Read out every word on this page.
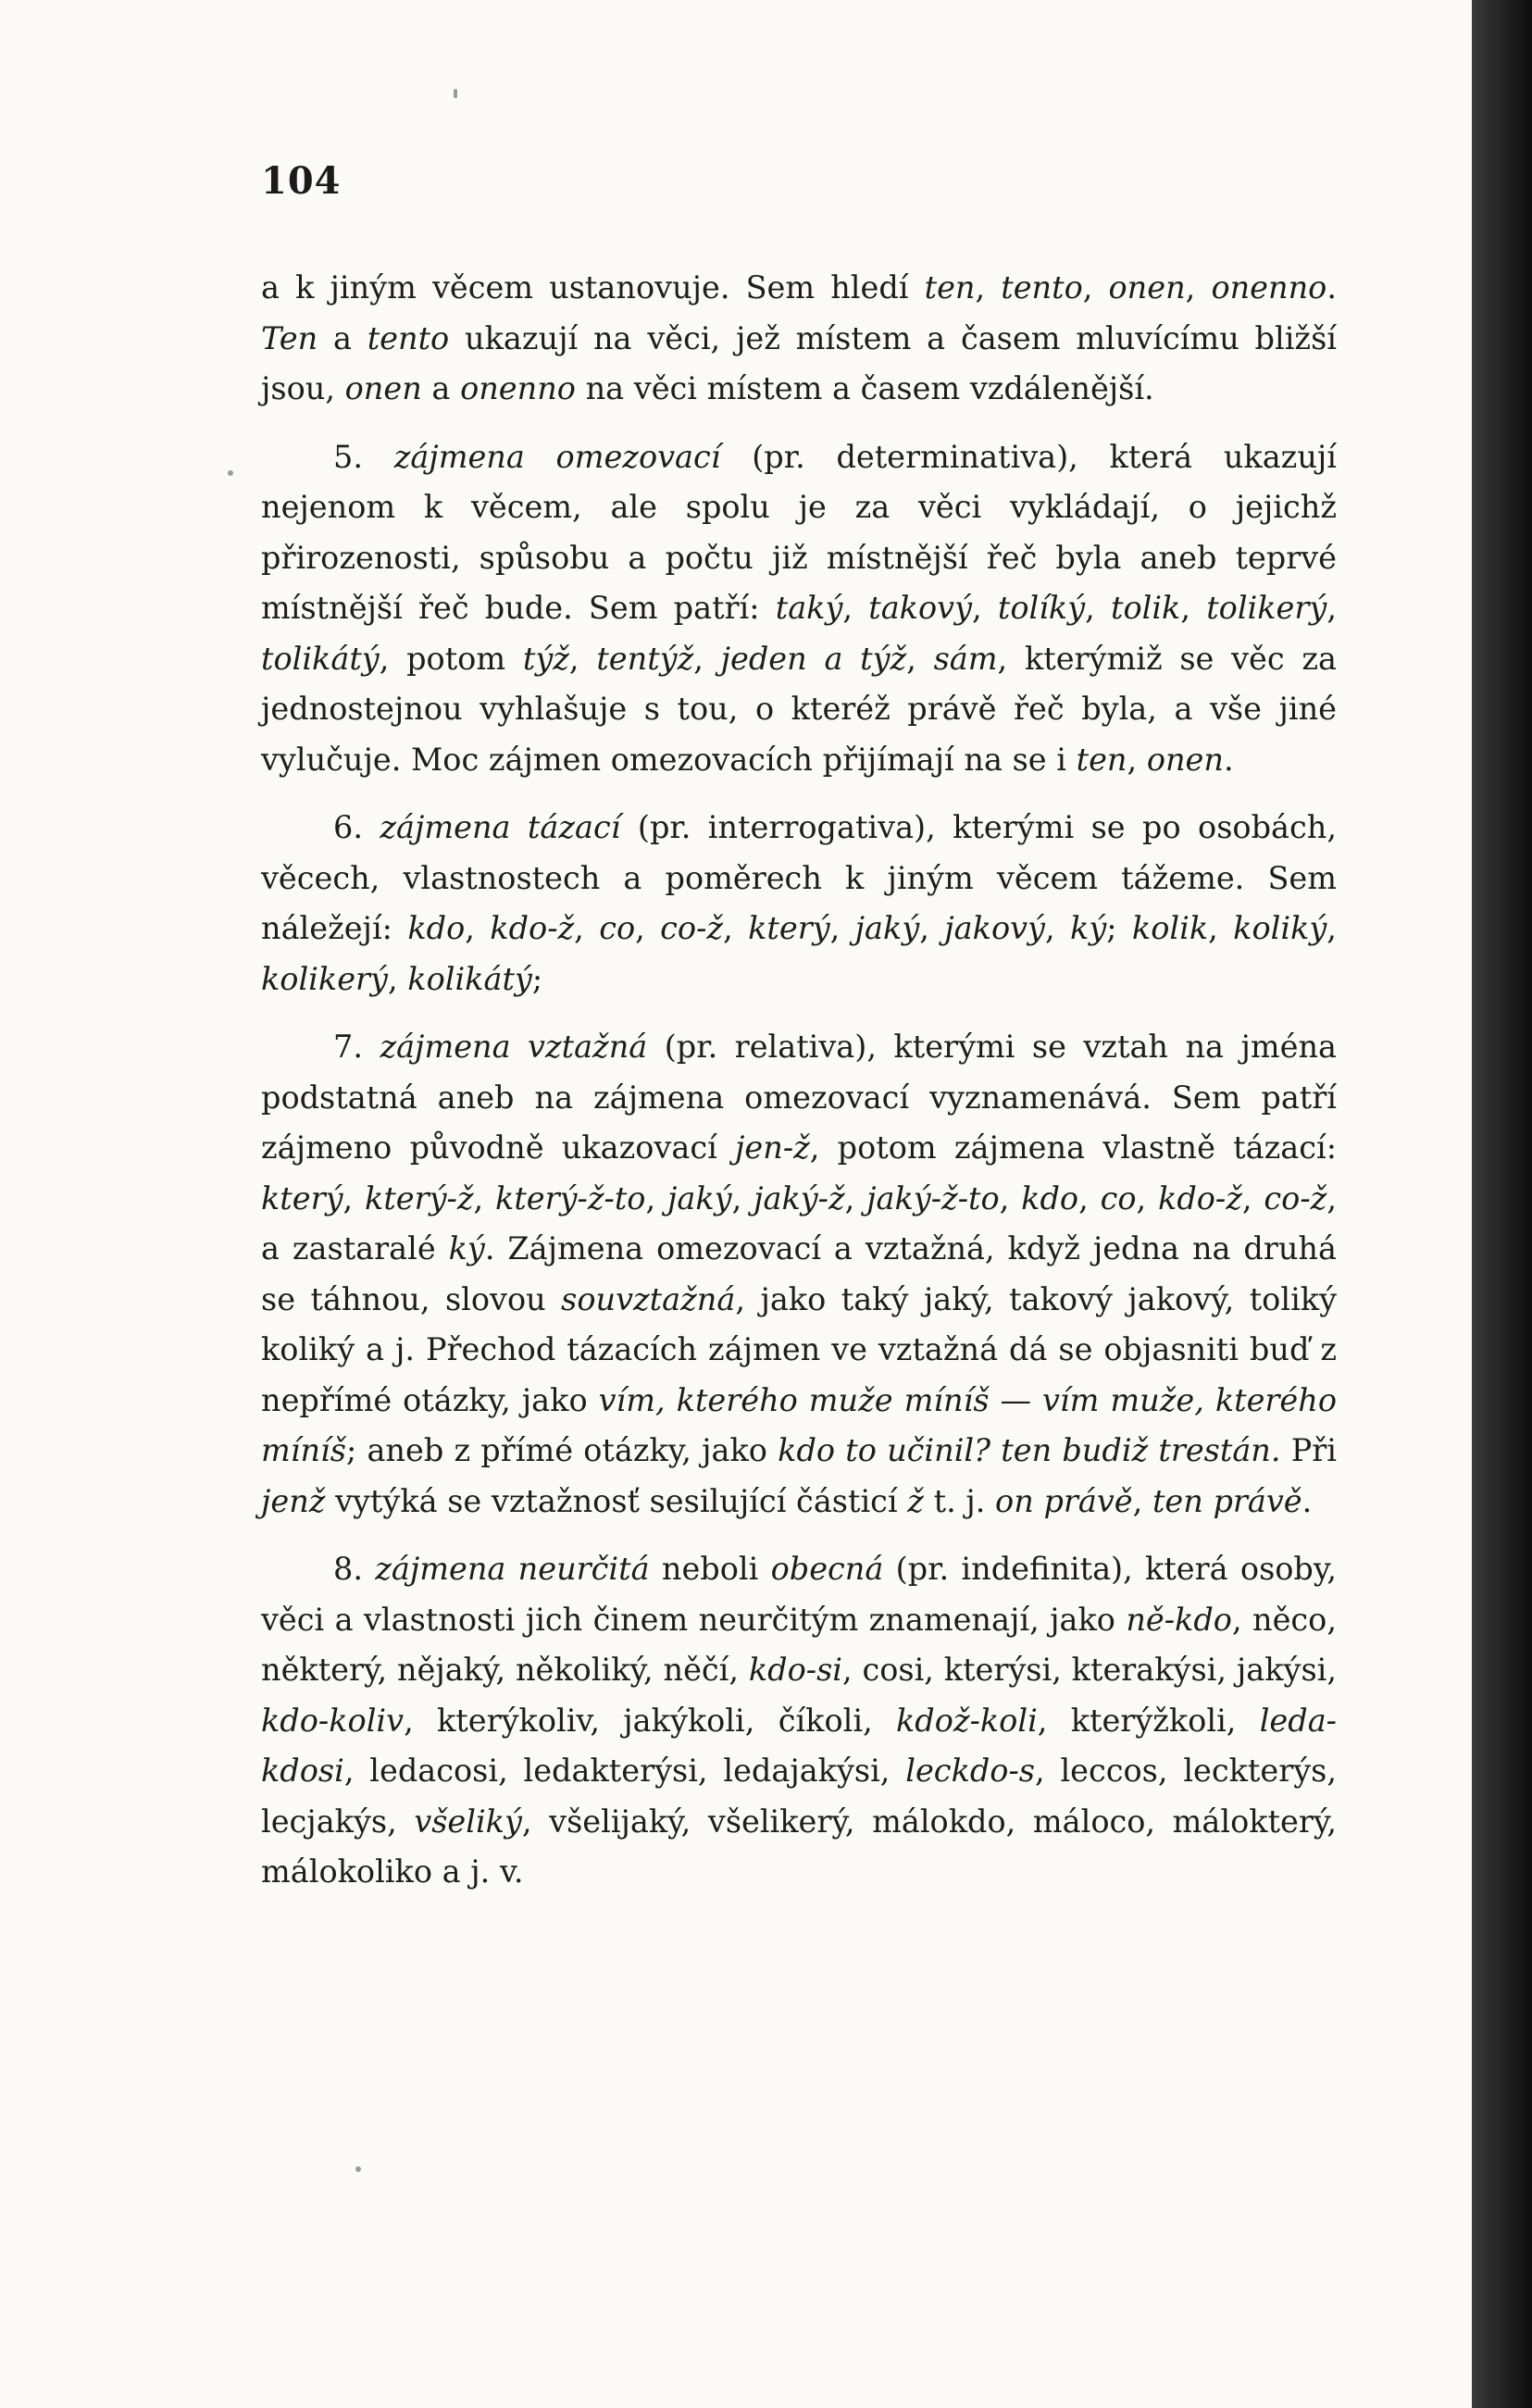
104

a k jiným věcem ustanovuje. Sem hledí ten, tento, onen, onenno. Ten a tento ukazují na věci, jež místem a časem mluvícímu bližší jsou, onen a onenno na věci místem a časem vzdálenější.

5. zájmena omezovací (pr. determinativa), která ukazují nejenom k věcem, ale spolu je za věci vykládají, o jejichž přirozenosti, spůsobu a počtu již místnější řeč byla aneb teprvé místnější řeč bude. Sem patří: taký, takový, tolíký, tolik, tolikerý, tolikátý, potom týž, tentýž, jeden a týž, sám, kterýmiž se věc za jednostejnou vyhlašuje s tou, o kteréž právě řeč byla, a vše jiné vylučuje. Moc zájmen omezovacích přijímají na se i ten, onen.

6. zájmena tázací (pr. interrogativa), kterými se po osobách, věcech, vlastnostech a poměrech k jiným věcem tážeme. Sem náležejí: kdo, kdo-ž, co, co-ž, který, jaký, jakový, ký; kolik, koliký, kolikerý, kolikátý;

7. zájmena vztažná (pr. relativa), kterými se vztah na jména podstatná aneb na zájmena omezovací vyznamenává. Sem patří zájmeno původně ukazovací jen-ž, potom zájmena vlastně tázací: který, který-ž, který-ž-to, jaký, jaký-ž, jaký-ž-to, kdo, co, kdo-ž, co-ž, a zastaralé ký. Zájmena omezovací a vztažná, když jedna na druhá se táhnou, slovou souvztažná, jako taký jaký, takový jakový, toliký koliký a j. Přechod tázacích zájmen ve vztažná dá se objasniti buď z nepřímé otázky, jako vím, kterého muže míníš — vím muže, kterého míníš; aneb z přímé otázky, jako kdo to učinil? ten budiž trestán. Při jenž vytýká se vztažnosť sesilující částicí ž t. j. on právě, ten právě.

8. zájmena neurčitá neboli obecná (pr. indefinita), která osoby, věci a vlastnosti jich činem neurčitým znamenají, jako ně-kdo, něco, některý, nějaký, několiký, něčí, kdo-si, cosi, kterýsi, kterakýsi, jakýsi, kdo-koliv, kterýkoliv, jakýkoli, číkoli, kdož-koli, kterýžkoli, leda-kdosi, ledacosi, ledakterýsi, ledajakýsi, leckdo-s, leccos, leckterýs, lecjakýs, všeliký, všelijaký, všelikerý, málokdo, máloco, málokterý, málokoliko a j. v.
